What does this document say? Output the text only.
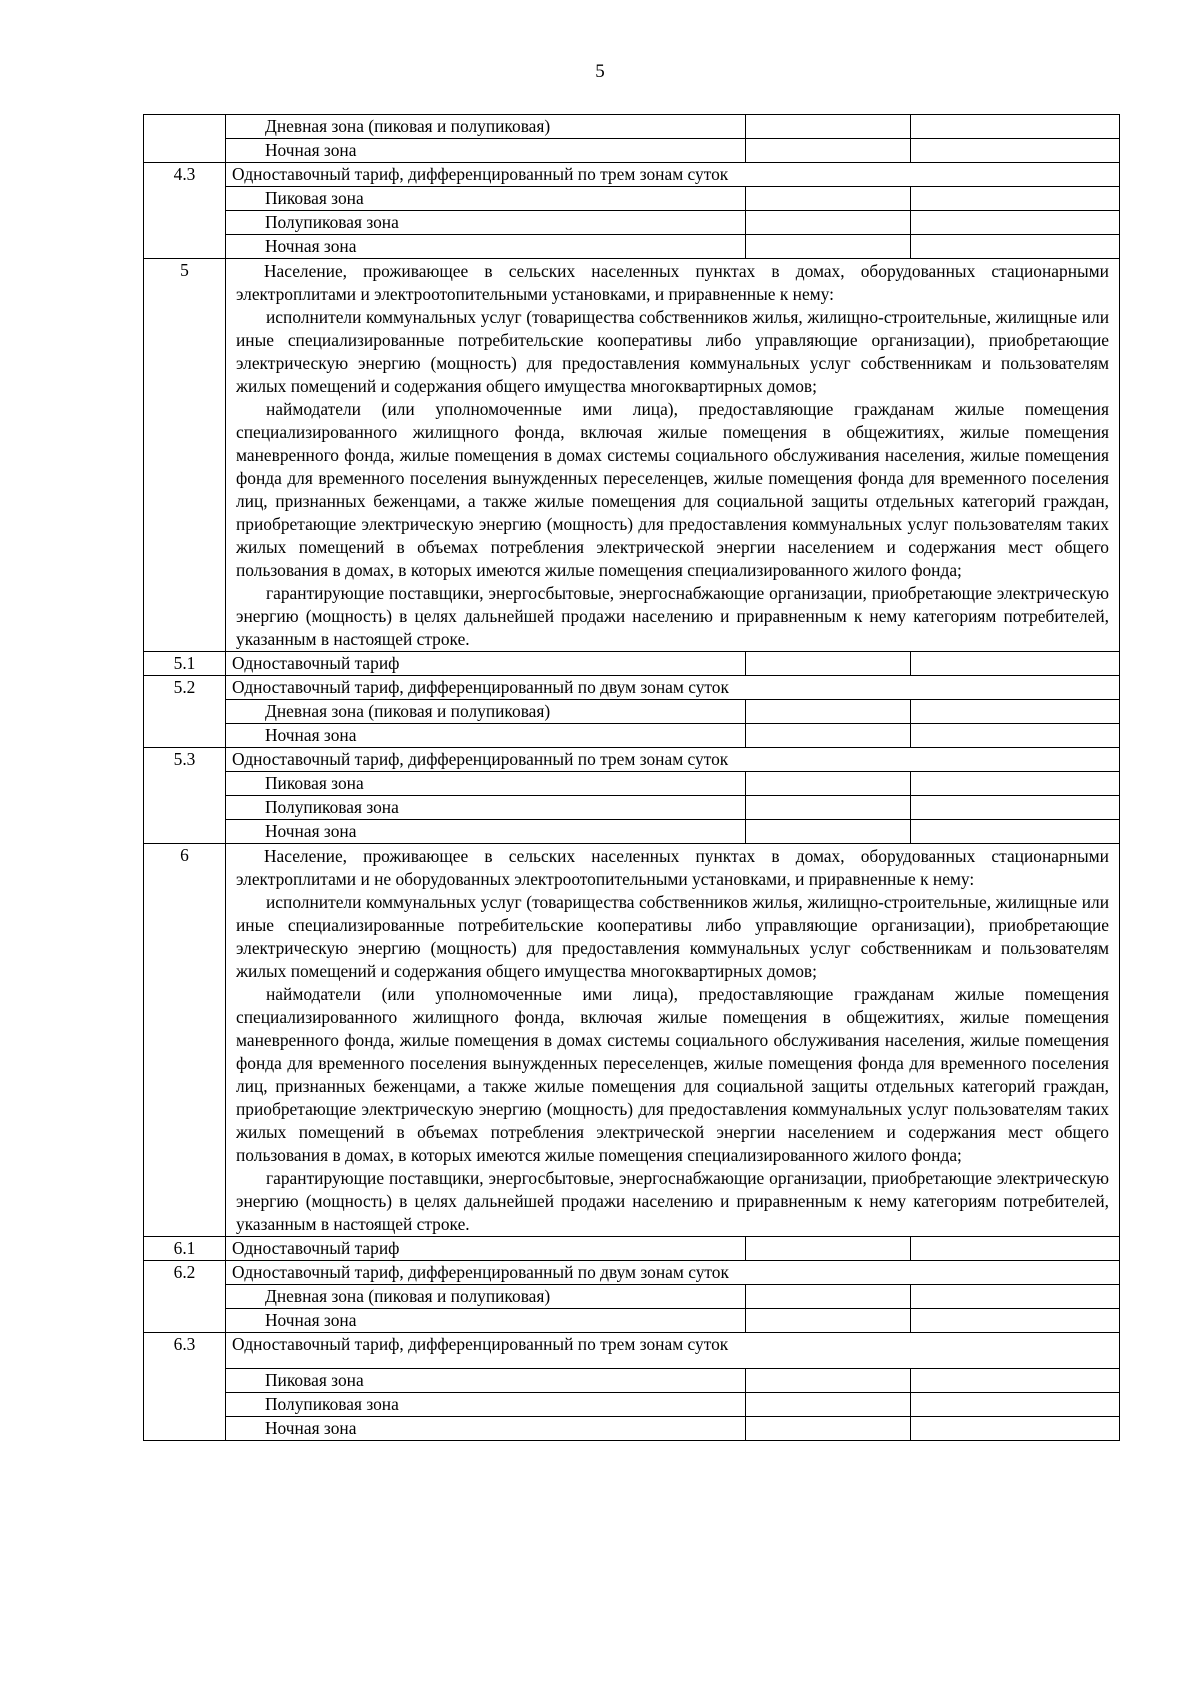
5
	Дневная зона (пиковая и полупиковая)		
	Ночная зона		
4.3	Одноставочный тариф, дифференцированный по трем зонам суток		
	Пиковая зона		
	Полупиковая зона		
	Ночная зона		
5	Население, проживающее в сельских населенных пунктах в домах, оборудованных стационарными электроплитами и электроотопительными установками, и приравненные к нему:

исполнители коммунальных услуг (товарищества собственников жилья, жилищно-строительные, жилищные или иные специализированные потребительские кооперативы либо управляющие организации), приобретающие электрическую энергию (мощность) для предоставления коммунальных услуг собственникам и пользователям жилых помещений и содержания общего имущества многоквартирных домов;

наймодатели (или уполномоченные ими лица), предоставляющие гражданам жилые помещения специализированного жилищного фонда, включая жилые помещения в общежитиях, жилые помещения маневренного фонда, жилые помещения в домах системы социального обслуживания населения, жилые помещения фонда для временного поселения вынужденных переселенцев, жилые помещения фонда для временного поселения лиц, признанных беженцами, а также жилые помещения для социальной защиты отдельных категорий граждан, приобретающие электрическую энергию (мощность) для предоставления коммунальных услуг пользователям таких жилых помещений в объемах потребления электрической энергии населением и содержания мест общего пользования в домах, в которых имеются жилые помещения специализированного жилого фонда;

гарантирующие поставщики, энергосбытовые, энергоснабжающие организации, приобретающие электрическую энергию (мощность) в целях дальнейшей продажи населению и приравненным к нему категориям потребителей, указанным в настоящей строке.		

5.1	Одноставочный тариф		
5.2	Одноставочный тариф, дифференцированный по двум зонам суток		
	Дневная зона (пиковая и полупиковая)		
	Ночная зона		
5.3	Одноставочный тариф, дифференцированный по трем зонам суток		
	Пиковая зона		
	Полупиковая зона		
	Ночная зона		
6	Население, проживающее в сельских населенных пунктах в домах, оборудованных стационарными электроплитами и не оборудованных электроотопительными установками, и приравненные к нему:

исполнители коммунальных услуг (товарищества собственников жилья, жилищно-строительные, жилищные или иные специализированные потребительские кооперативы либо управляющие организации), приобретающие электрическую энергию (мощность) для предоставления коммунальных услуг собственникам и пользователям жилых помещений и содержания общего имущества многоквартирных домов;

наймодатели (или уполномоченные ими лица), предоставляющие гражданам жилые помещения специализированного жилищного фонда, включая жилые помещения в общежитиях, жилые помещения маневренного фонда, жилые помещения в домах системы социального обслуживания населения, жилые помещения фонда для временного поселения вынужденных переселенцев, жилые помещения фонда для временного поселения лиц, признанных беженцами, а также жилые помещения для социальной защиты отдельных категорий граждан, приобретающие электрическую энергию (мощность) для предоставления коммунальных услуг пользователям таких жилых помещений в объемах потребления электрической энергии населением и содержания мест общего пользования в домах, в которых имеются жилые помещения специализированного жилого фонда;

гарантирующие поставщики, энергосбытовые, энергоснабжающие организации, приобретающие электрическую энергию (мощность) в целях дальнейшей продажи населению и приравненным к нему категориям потребителей, указанным в настоящей строке.		

6.1	Одноставочный тариф		
6.2	Одноставочный тариф, дифференцированный по двум зонам суток		
	Дневная зона (пиковая и полупиковая)		
	Ночная зона		
6.3	Одноставочный тариф, дифференцированный по трем зонам суток		
	Пиковая зона		
	Полупиковая зона		
	Ночная зона		
